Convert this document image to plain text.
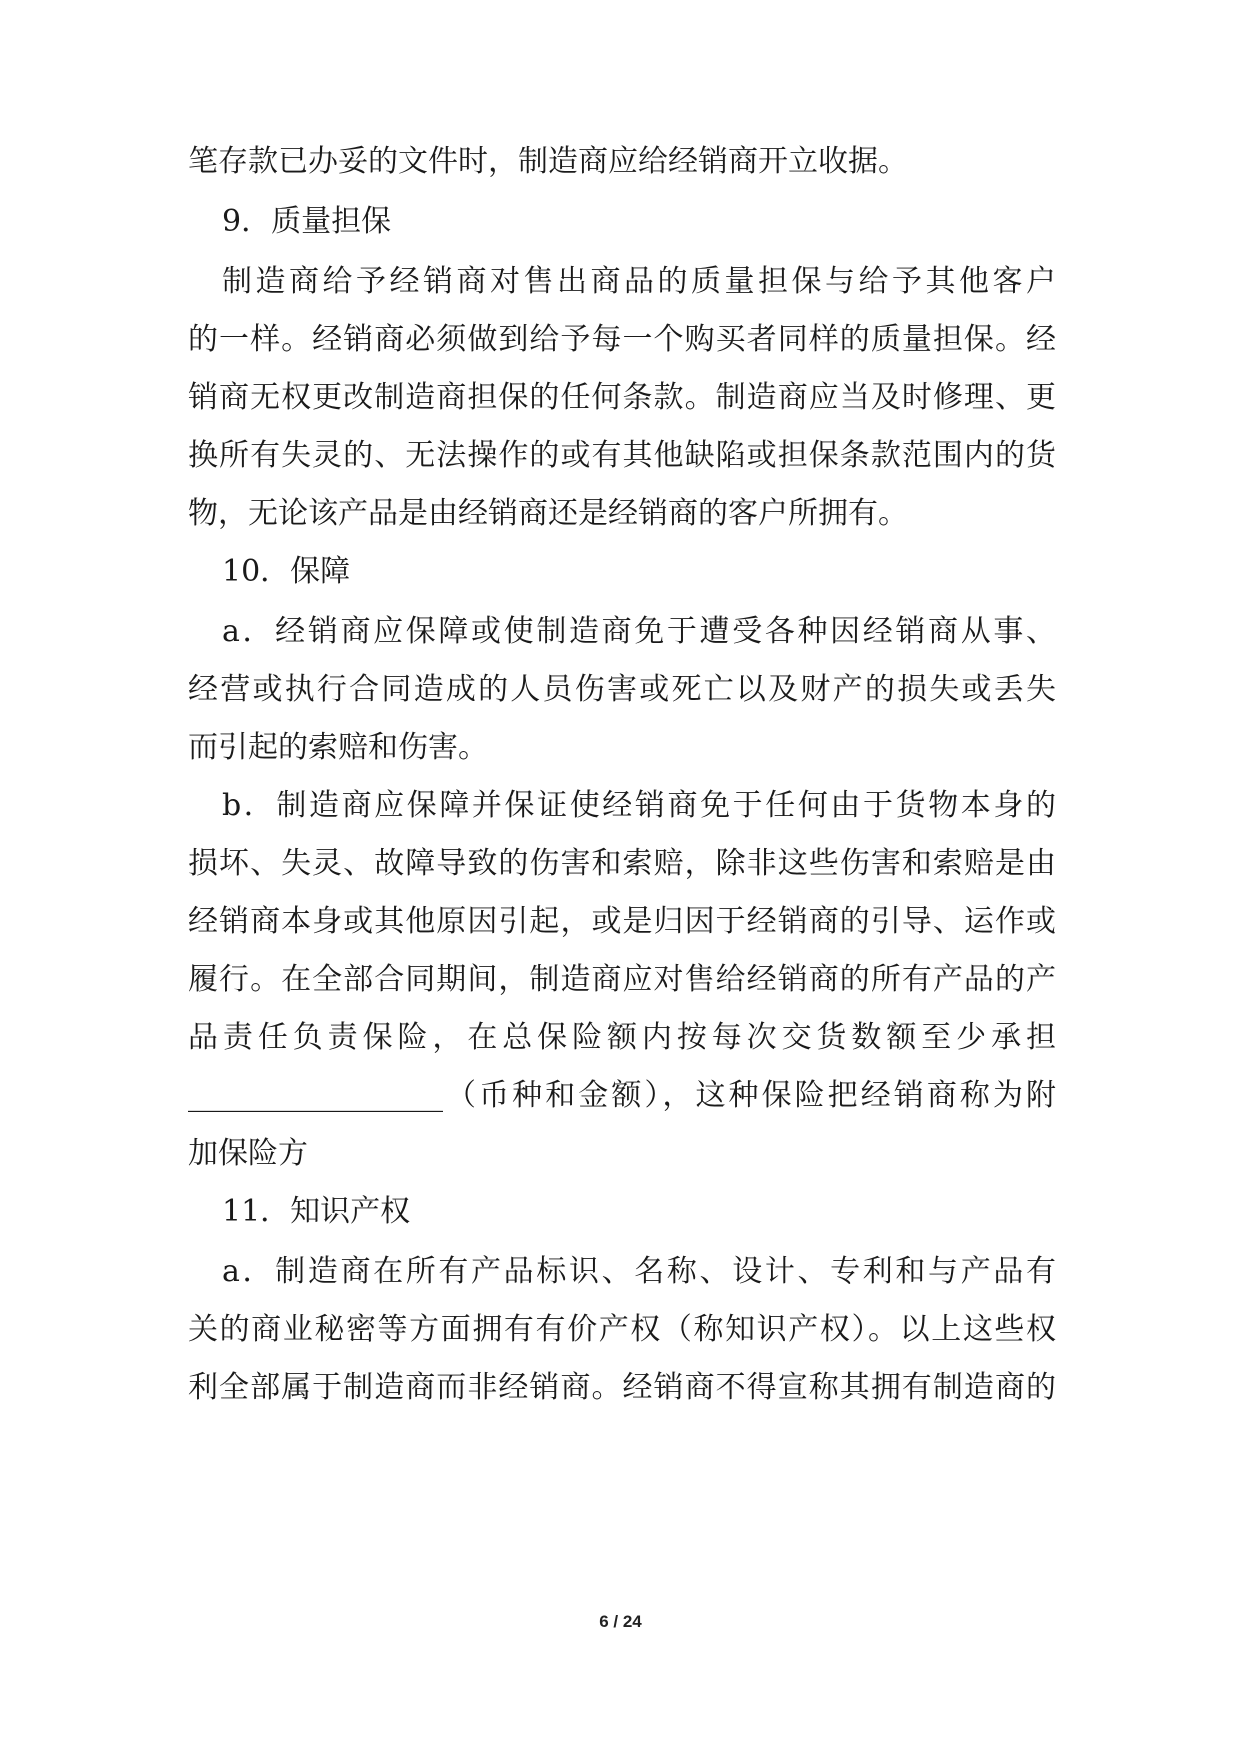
笔存款已办妥的文件时，制造商应给经销商开立收据。
9．质量担保
制造商给予经销商对售出商品的质量担保与给予其他客户
的一样。经销商必须做到给予每一个购买者同样的质量担保。经
销商无权更改制造商担保的任何条款。制造商应当及时修理、更
换所有失灵的、无法操作的或有其他缺陷或担保条款范围内的货
物，无论该产品是由经销商还是经销商的客户所拥有。
10．保障
a．经销商应保障或使制造商免于遭受各种因经销商从事、
经营或执行合同造成的人员伤害或死亡以及财产的损失或丢失
而引起的索赔和伤害。
b．制造商应保障并保证使经销商免于任何由于货物本身的
损坏、失灵、故障导致的伤害和索赔，除非这些伤害和索赔是由
经销商本身或其他原因引起，或是归因于经销商的引导、运作或
履行。在全部合同期间，制造商应对售给经销商的所有产品的产
品责任负责保险，在总保险额内按每次交货数额至少承担
_________________（币种和金额），这种保险把经销商称为附
加保险方
11．知识产权
a．制造商在所有产品标识、名称、设计、专利和与产品有
关的商业秘密等方面拥有有价产权（称知识产权）。以上这些权
利全部属于制造商而非经销商。经销商不得宣称其拥有制造商的
6 / 24
